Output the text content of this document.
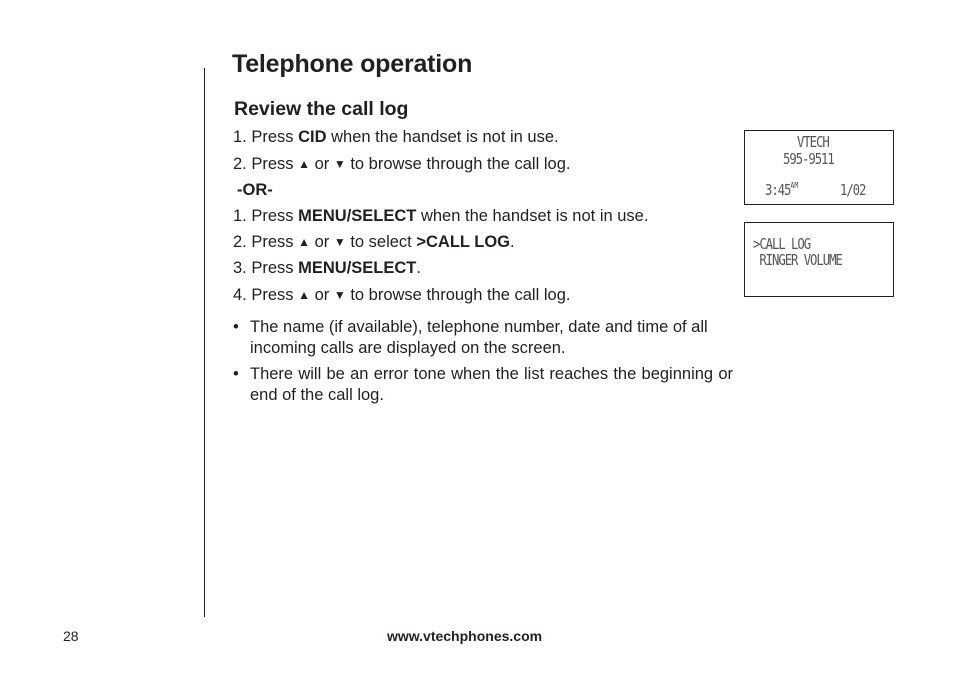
Telephone operation
Review the call log
1. Press CID when the handset is not in use.
2. Press ▲ or ▼ to browse through the call log.
-OR-
1. Press MENU/SELECT when the handset is not in use.
2. Press ▲ or ▼ to select >CALL LOG.
3. Press MENU/SELECT.
4. Press ▲ or ▼ to browse through the call log.
• The name (if available), telephone number, date and time of all incoming calls are displayed on the screen.
• There will be an error tone when the list reaches the beginning or end of the call log.
VTECH
595-9511
$3:45^{AM}$	1/02
>CALL LOG
RINGER VOLUME
28	www.vtechphones.com
